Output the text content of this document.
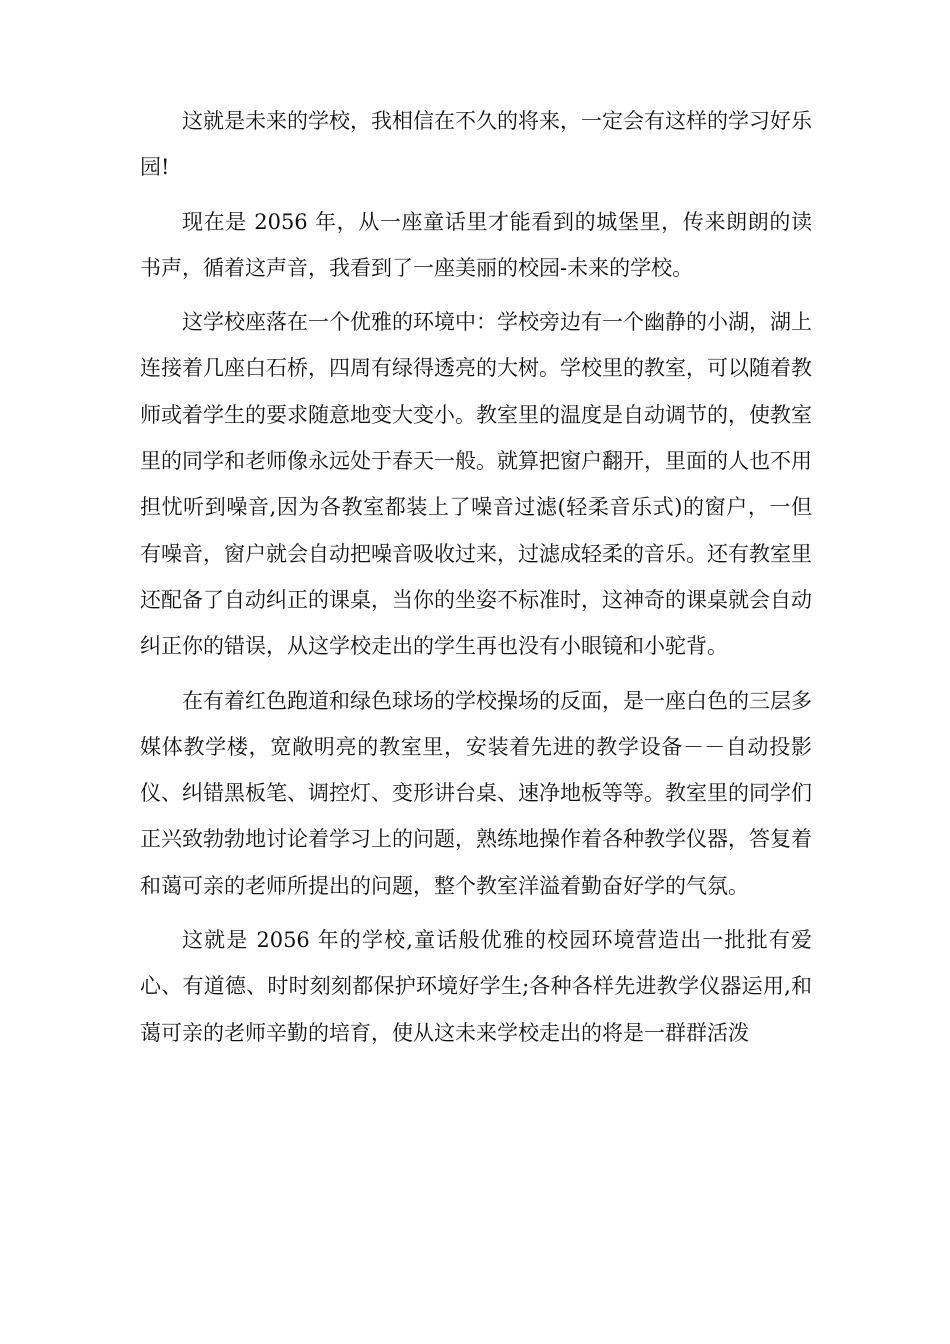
这就是未来的学校，我相信在不久的将来，一定会有这样的学习好乐园!

现在是 2056 年，从一座童话里才能看到的城堡里，传来朗朗的读书声，循着这声音，我看到了一座美丽的校园-未来的学校。

这学校座落在一个优雅的环境中：学校旁边有一个幽静的小湖，湖上连接着几座白石桥，四周有绿得透亮的大树。学校里的教室，可以随着教师或着学生的要求随意地变大变小。教室里的温度是自动调节的，使教室里的同学和老师像永远处于春天一般。就算把窗户翻开，里面的人也不用担忧听到噪音,因为各教室都装上了噪音过滤(轻柔音乐式)的窗户，一但有噪音，窗户就会自动把噪音吸收过来，过滤成轻柔的音乐。还有教室里还配备了自动纠正的课桌，当你的坐姿不标准时，这神奇的课桌就会自动纠正你的错误，从这学校走出的学生再也没有小眼镜和小驼背。

在有着红色跑道和绿色球场的学校操场的反面，是一座白色的三层多媒体教学楼，宽敞明亮的教室里，安装着先进的教学设备－－自动投影仪、纠错黑板笔、调控灯、变形讲台桌、速净地板等等。教室里的同学们正兴致勃勃地讨论着学习上的问题，熟练地操作着各种教学仪器，答复着和蔼可亲的老师所提出的问题，整个教室洋溢着勤奋好学的气氛。

这就是 2056 年的学校,童话般优雅的校园环境营造出一批批有爱心、有道德、时时刻刻都保护环境好学生;各种各样先进教学仪器运用,和蔼可亲的老师辛勤的培育，使从这未来学校走出的将是一群群活泼
